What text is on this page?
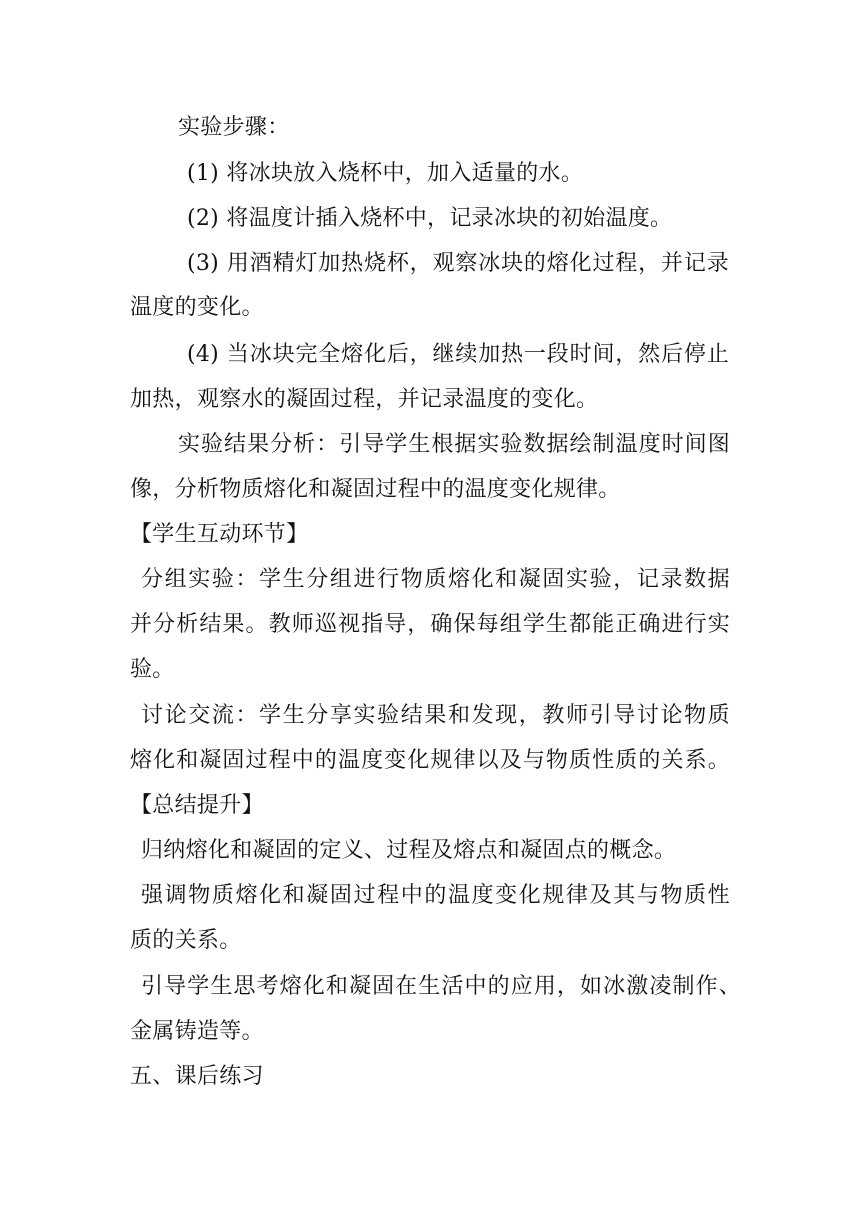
实验步骤：
(1) 将冰块放入烧杯中，加入适量的水。
(2) 将温度计插入烧杯中，记录冰块的初始温度。
(3) 用酒精灯加热烧杯，观察冰块的熔化过程，并记录
温度的变化。
(4) 当冰块完全熔化后，继续加热一段时间，然后停止
加热，观察水的凝固过程，并记录温度的变化。
实验结果分析：引导学生根据实验数据绘制温度时间图
像，分析物质熔化和凝固过程中的温度变化规律。
【学生互动环节】
分组实验：学生分组进行物质熔化和凝固实验，记录数据
并分析结果。教师巡视指导，确保每组学生都能正确进行实
验。
讨论交流：学生分享实验结果和发现，教师引导讨论物质
熔化和凝固过程中的温度变化规律以及与物质性质的关系。
【总结提升】
归纳熔化和凝固的定义、过程及熔点和凝固点的概念。
强调物质熔化和凝固过程中的温度变化规律及其与物质性
质的关系。
引导学生思考熔化和凝固在生活中的应用，如冰激凌制作、
金属铸造等。
五、课后练习
